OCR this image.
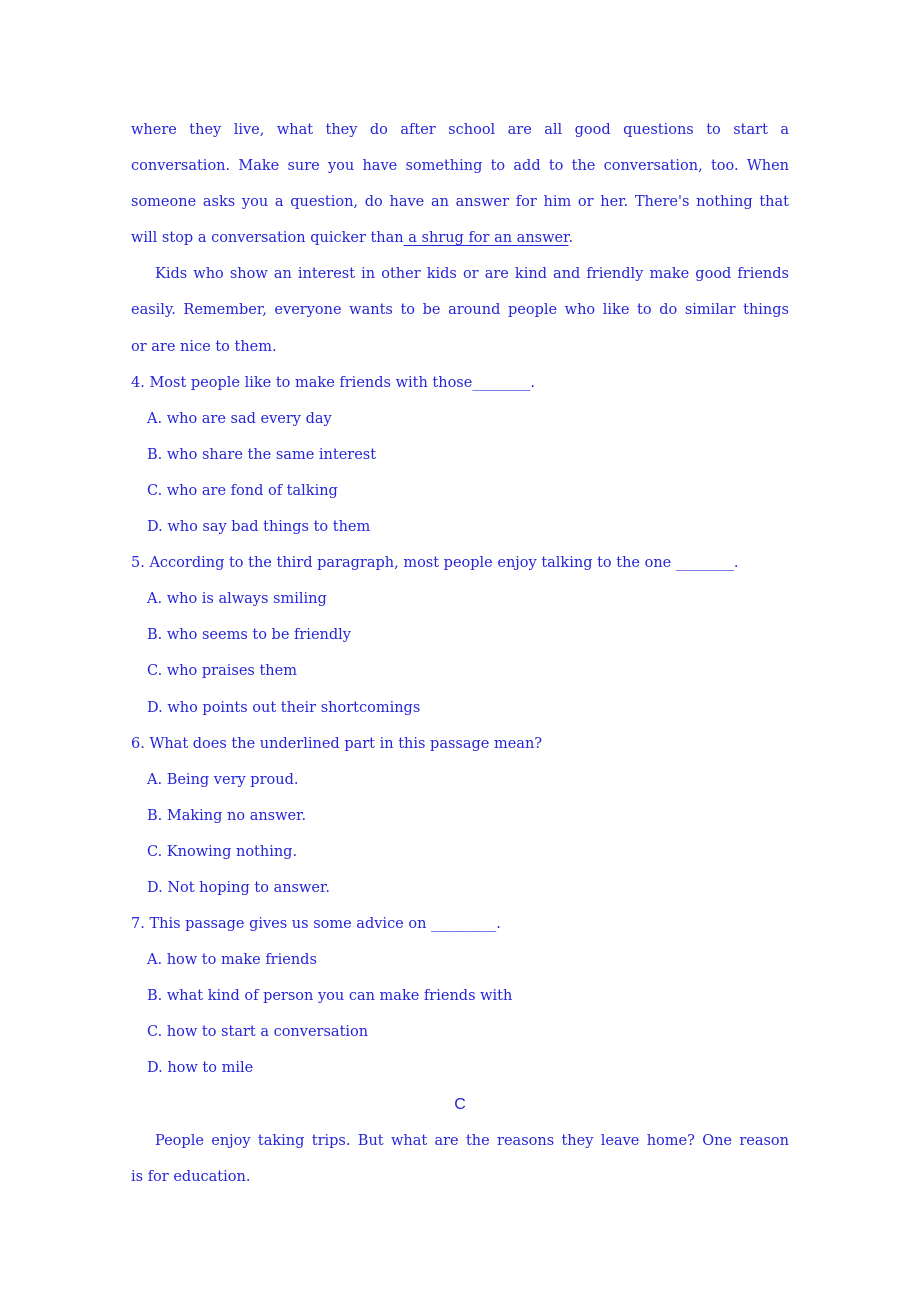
where they live, what they do after school are all good questions to start a
conversation. Make sure you have something to add to the conversation, too. When
someone asks you a question, do have an answer for him or her. There's nothing that
will stop a conversation quicker than a shrug for an answer.
Kids who show an interest in other kids or are kind and friendly make good friends
easily. Remember, everyone wants to be around people who like to do similar things
or are nice to them.
4. Most people like to make friends with those________.
A. who are sad every day
B. who share the same interest
C. who are fond of talking
D. who say bad things to them
5. According to the third paragraph, most people enjoy talking to the one ________.
A. who is always smiling
B. who seems to be friendly
C. who praises them
D. who points out their shortcomings
6. What does the underlined part in this passage mean?
A. Being very proud.
B. Making no answer.
C. Knowing nothing.
D. Not hoping to answer.
7. This passage gives us some advice on _________.
A. how to make friends
B. what kind of person you can make friends with
C. how to start a conversation
D. how to mile
C
People enjoy taking trips. But what are the reasons they leave home? One reason
is for education.
